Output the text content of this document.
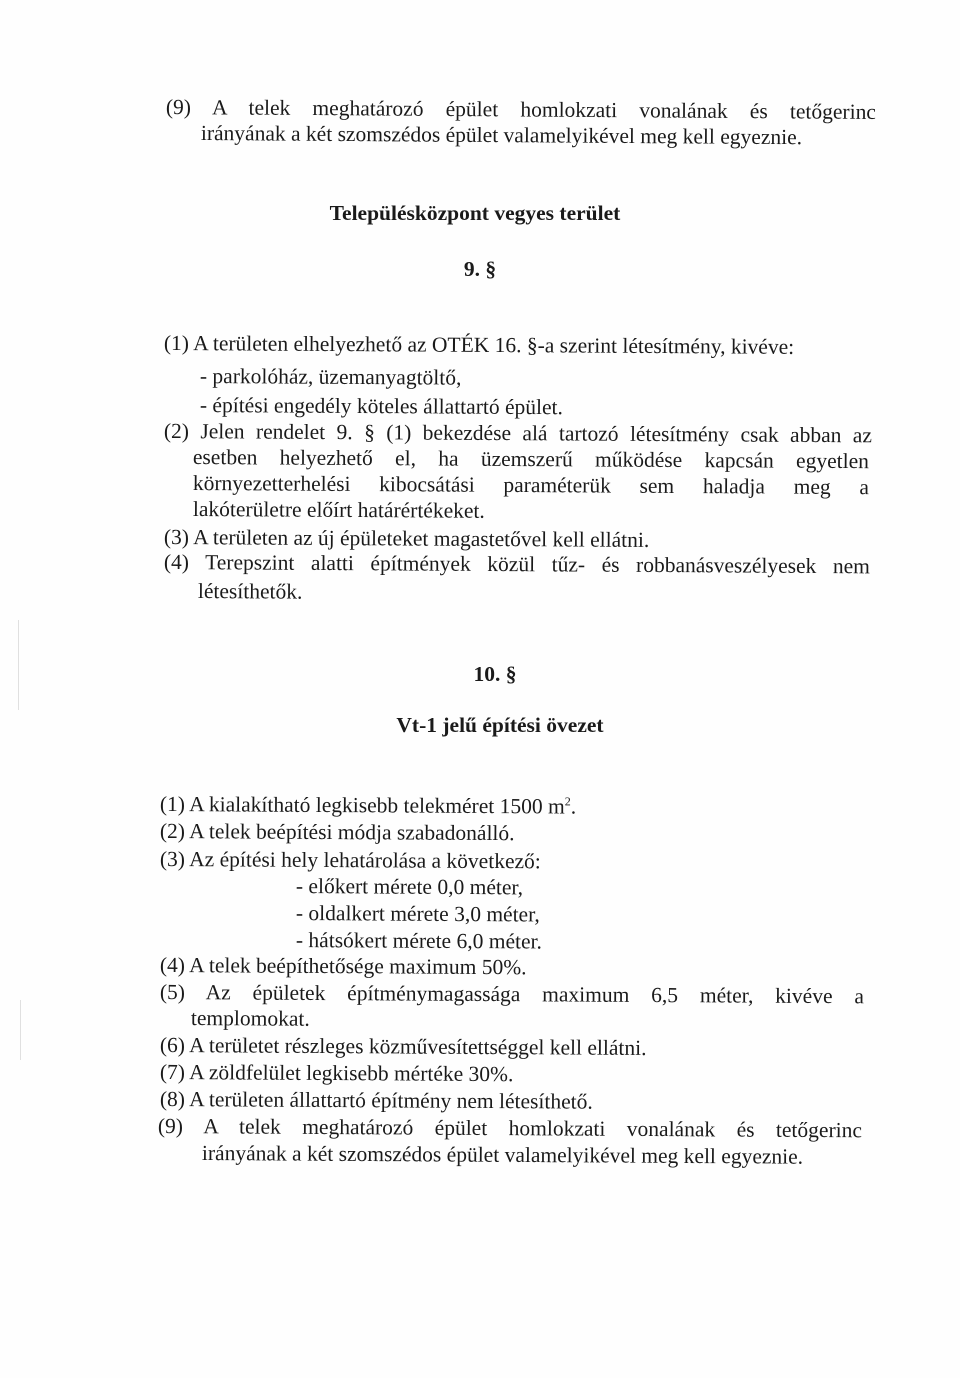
(9) A telek meghatározó épület homlokzati vonalának és tetőgerinc
irányának a két szomszédos épület valamelyikével meg kell egyeznie.
Településközpont vegyes terület
9. §
(1) A területen elhelyezhető az OTÉK 16. §-a szerint létesítmény, kivéve:
- parkolóház, üzemanyagtöltő,
- építési engedély köteles állattartó épület.
(2) Jelen rendelet 9. § (1) bekezdése alá tartozó létesítmény csak abban az
esetben helyezhető el, ha üzemszerű működése kapcsán egyetlen
környezetterhelési kibocsátási paraméterük sem haladja meg a
lakóterületre előírt határértékeket.
(3) A területen az új épületeket magastetővel kell ellátni.
(4) Terepszint alatti építmények közül tűz- és robbanásveszélyesek nem
létesíthetők.
10. §
Vt-1 jelű építési övezet
(1) A kialakítható legkisebb telekméret 1500 $m^2$.
(2) A telek beépítési módja szabadonálló.
(3) Az építési hely lehatárolása a következő:
- előkert mérete 0,0 méter,
- oldalkert mérete 3,0 méter,
- hátsókert mérete 6,0 méter.
(4) A telek beépíthetősége maximum 50%.
(5) Az épületek építménymagassága maximum 6,5 méter, kivéve a
templomokat.
(6) A területet részleges közművesítettséggel kell ellátni.
(7) A zöldfelület legkisebb mértéke 30%.
(8) A területen állattartó építmény nem létesíthető.
(9) A telek meghatározó épület homlokzati vonalának és tetőgerinc
irányának a két szomszédos épület valamelyikével meg kell egyeznie.
